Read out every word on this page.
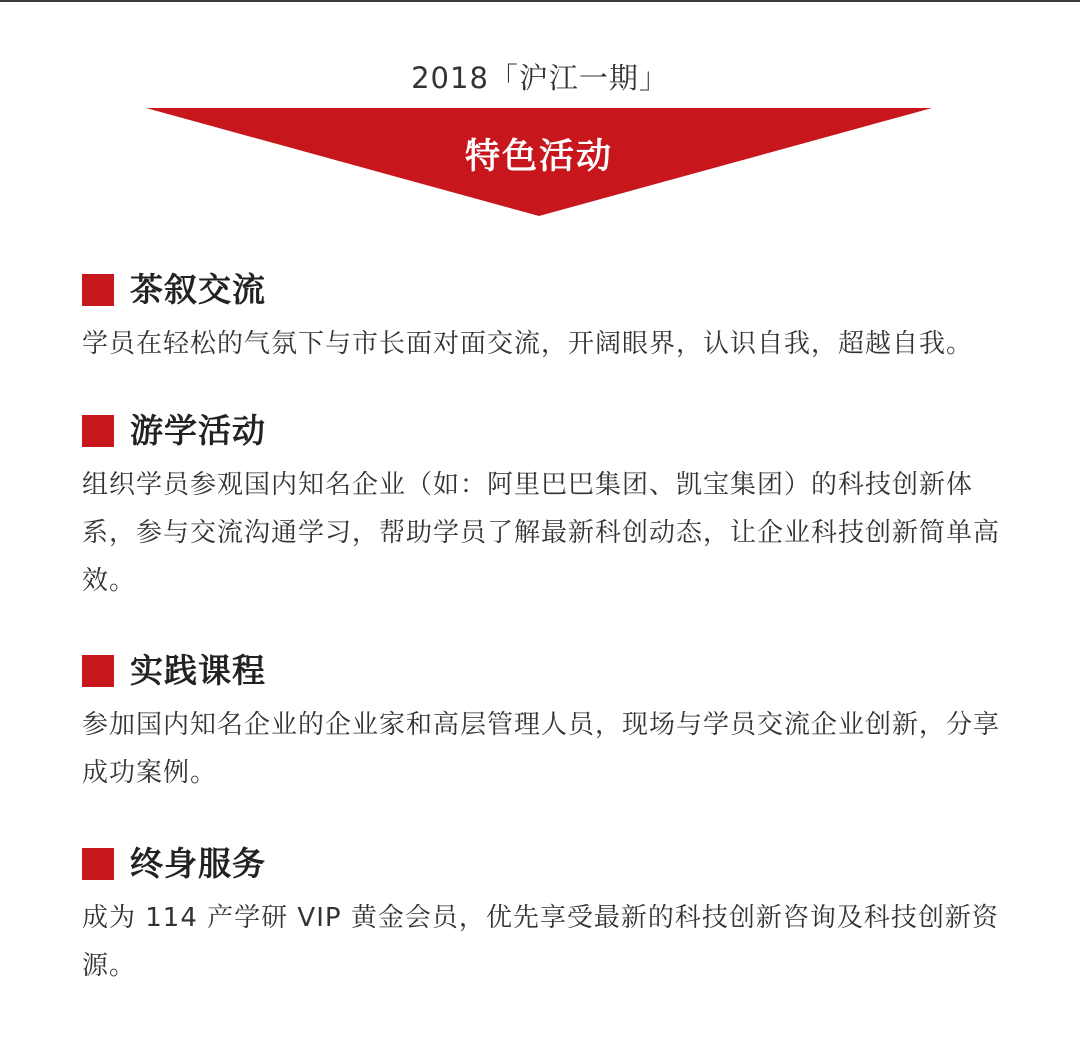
2018「沪江一期」
特色活动
茶叙交流
学员在轻松的气氛下与市长面对面交流，开阔眼界，认识自我，超越自我。
游学活动
组织学员参观国内知名企业（如：阿里巴巴集团、凯宝集团）的科技创新体系，参与交流沟通学习，帮助学员了解最新科创动态，让企业科技创新简单高效。
实践课程
参加国内知名企业的企业家和高层管理人员，现场与学员交流企业创新，分享成功案例。
终身服务
成为 114 产学研 VIP 黄金会员，优先享受最新的科技创新咨询及科技创新资源。
